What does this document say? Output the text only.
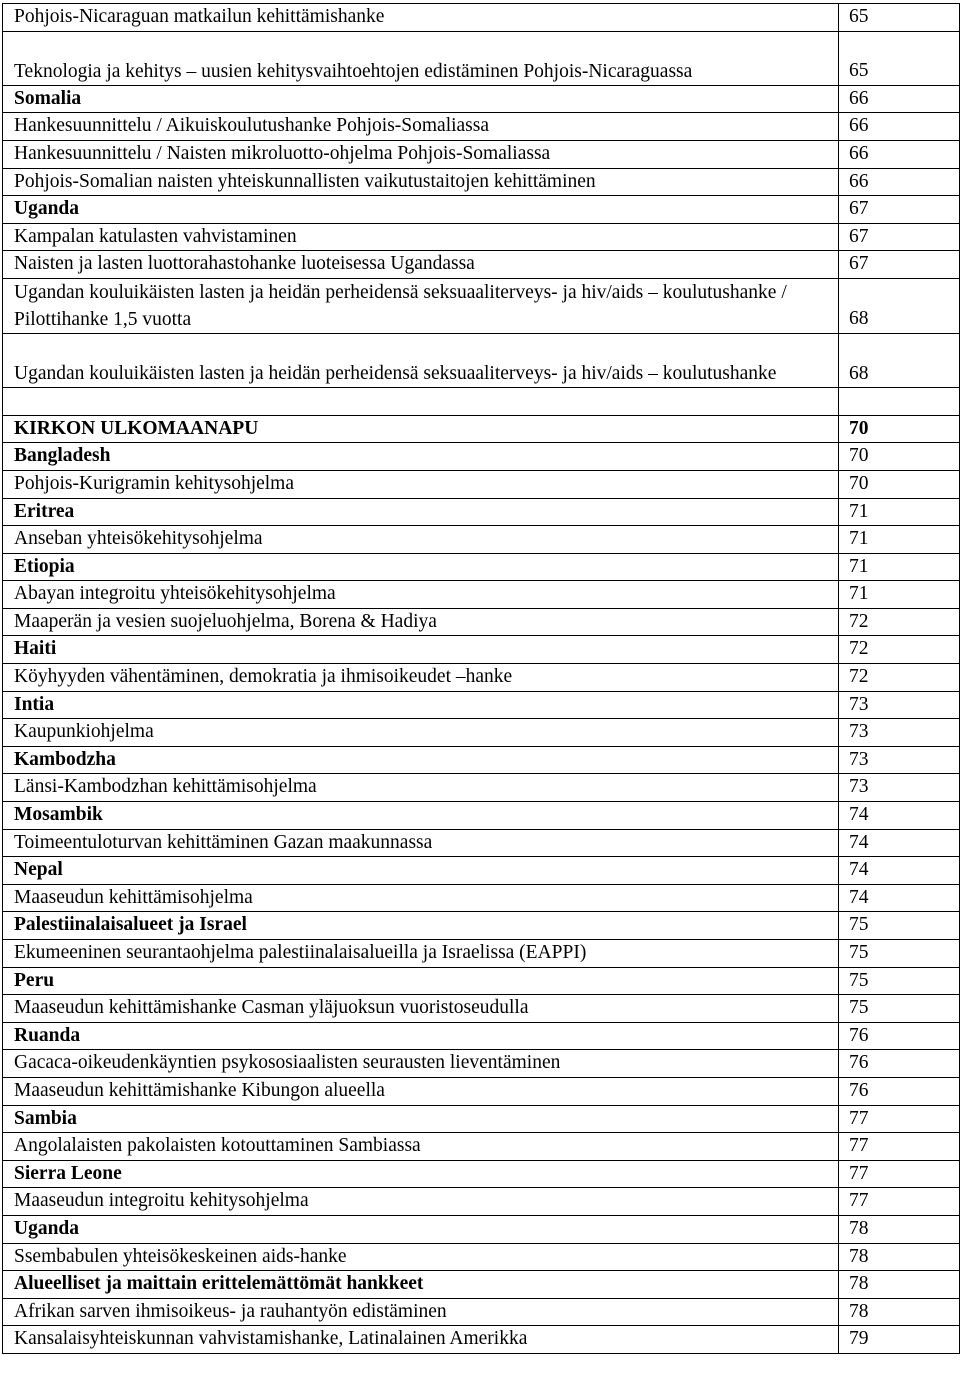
Pohjois-Nicaraguan matkailun kehittämishanke	65
Teknologia ja kehitys – uusien kehitysvaihtoehtojen edistäminen Pohjois-Nicaraguassa	65
Somalia	66
Hankesuunnittelu / Aikuiskoulutushanke Pohjois-Somaliassa	66
Hankesuunnittelu / Naisten mikroluotto-ohjelma Pohjois-Somaliassa	66
Pohjois-Somalian naisten yhteiskunnallisten vaikutustaitojen kehittäminen	66
Uganda	67
Kampalan katulasten vahvistaminen	67
Naisten ja lasten luottorahastohanke luoteisessa Ugandassa	67
Ugandan kouluikäisten lasten ja heidän perheidensä seksuaaliterveys- ja hiv/aids – koulutushanke / Pilottihanke 1,5 vuotta	68
Ugandan kouluikäisten lasten ja heidän perheidensä seksuaaliterveys- ja hiv/aids – koulutushanke	68

KIRKON ULKOMAANAPU	70
Bangladesh	70
Pohjois-Kurigramin kehitysohjelma	70
Eritrea	71
Anseban yhteisökehitysohjelma	71
Etiopia	71
Abayan integroitu yhteisökehitysohjelma	71
Maaperän ja vesien suojeluohjelma, Borena & Hadiya	72
Haiti	72
Köyhyyden vähentäminen, demokratia ja ihmisoikeudet –hanke	72
Intia	73
Kaupunkiohjelma	73
Kambodzha	73
Länsi-Kambodzhan kehittämisohjelma	73
Mosambik	74
Toimeentuloturvan kehittäminen Gazan maakunnassa	74
Nepal	74
Maaseudun kehittämisohjelma	74
Palestiinalaisalueet ja Israel	75
Ekumeeninen seurantaohjelma palestiinalaisalueilla ja Israelissa (EAPPI)	75
Peru	75
Maaseudun kehittämishanke Casman yläjuoksun vuoristoseudulla	75
Ruanda	76
Gacaca-oikeudenkäyntien psykososiaalisten seurausten lieventäminen	76
Maaseudun kehittämishanke Kibungon alueella	76
Sambia	77
Angolalaisten pakolaisten kotouttaminen Sambiassa	77
Sierra Leone	77
Maaseudun integroitu kehitysohjelma	77
Uganda	78
Ssembabulen yhteisökeskeinen aids-hanke	78
Alueelliset ja maittain erittelemättömät hankkeet	78
Afrikan sarven ihmisoikeus- ja rauhantyön edistäminen	78
Kansalaisyhteiskunnan vahvistamishanke, Latinalainen Amerikka	79
